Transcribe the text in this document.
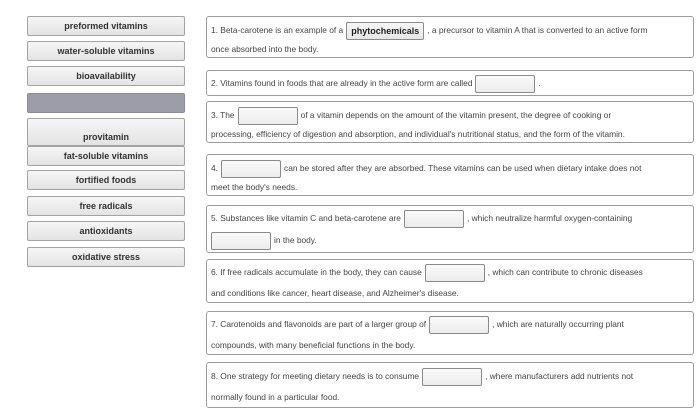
preformed vitamins
water-soluble vitamins
bioavailability
provitamin
fat-soluble vitamins
fortified foods
free radicals
antioxidants
oxidative stress
1. Beta-carotene is an example of a phytochemicals , a precursor to vitamin A that is converted to an active form
once absorbed into the body.
2. Vitamins found in foods that are already in the active form are called	.
3. The	of a vitamin depends on the amount of the vitamin present, the degree of cooking or
processing, efficiency of digestion and absorption, and individual's nutritional status, and the form of the vitamin.
4.	can be stored after they are absorbed. These vitamins can be used when dietary intake does not
meet the body's needs.
5. Substances like vitamin C and beta-carotene are	, which neutralize harmful oxygen-containing
in the body.
6. If free radicals accumulate in the body, they can cause	, which can contribute to chronic diseases
and conditions like cancer, heart disease, and Alzheimer's disease.
7. Carotenoids and flavonoids are part of a larger group of	, which are naturally occurring plant
compounds, with many beneficial functions in the body.
8. One strategy for meeting dietary needs is to consume	, where manufacturers add nutrients not
normally found in a particular food.
